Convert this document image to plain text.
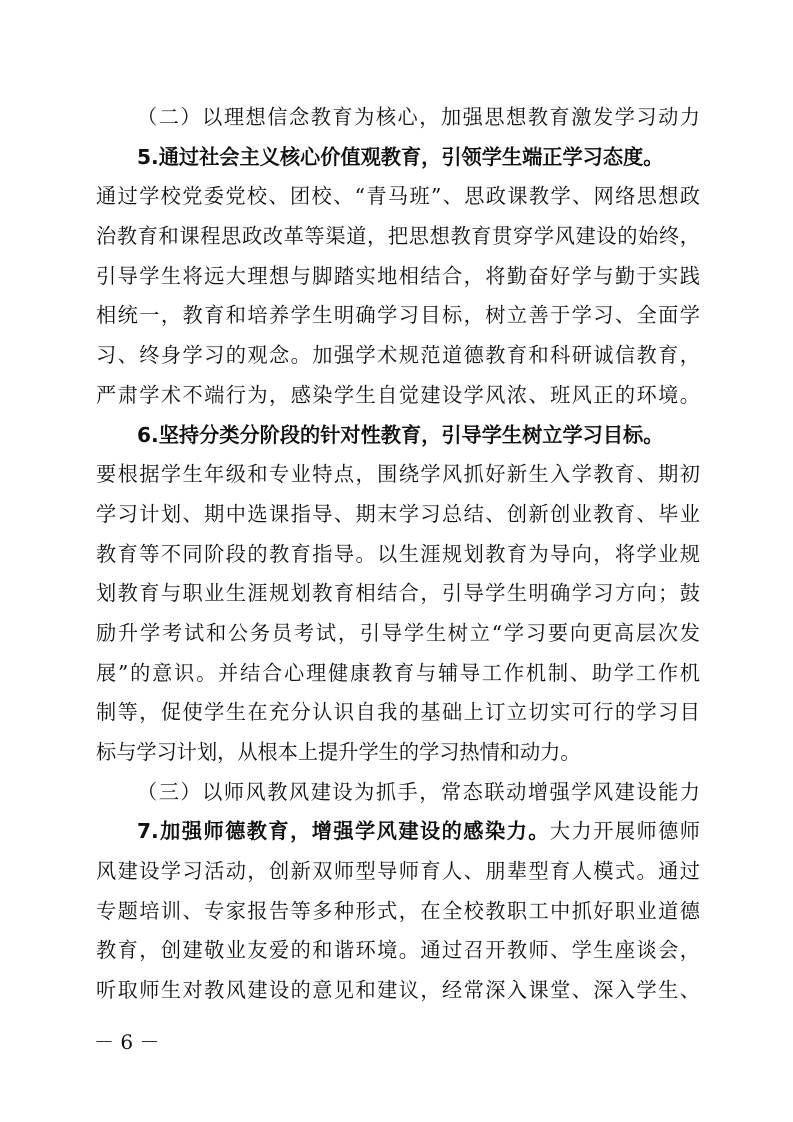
（二）以理想信念教育为核心，加强思想教育激发学习动力
5.通过社会主义核心价值观教育，引领学生端正学习态度。
通过学校党委党校、团校、“青马班”、思政课教学、网络思想政
治教育和课程思政改革等渠道，把思想教育贯穿学风建设的始终，
引导学生将远大理想与脚踏实地相结合，将勤奋好学与勤于实践
相统一，教育和培养学生明确学习目标，树立善于学习、全面学
习、终身学习的观念。加强学术规范道德教育和科研诚信教育，
严肃学术不端行为，感染学生自觉建设学风浓、班风正的环境。
6.坚持分类分阶段的针对性教育，引导学生树立学习目标。
要根据学生年级和专业特点，围绕学风抓好新生入学教育、期初
学习计划、期中选课指导、期末学习总结、创新创业教育、毕业
教育等不同阶段的教育指导。以生涯规划教育为导向，将学业规
划教育与职业生涯规划教育相结合，引导学生明确学习方向；鼓
励升学考试和公务员考试，引导学生树立“学习要向更高层次发
展”的意识。并结合心理健康教育与辅导工作机制、助学工作机
制等，促使学生在充分认识自我的基础上订立切实可行的学习目
标与学习计划，从根本上提升学生的学习热情和动力。
（三）以师风教风建设为抓手，常态联动增强学风建设能力
7.加强师德教育，增强学风建设的感染力。大力开展师德师
风建设学习活动，创新双师型导师育人、朋辈型育人模式。通过
专题培训、专家报告等多种形式，在全校教职工中抓好职业道德
教育，创建敬业友爱的和谐环境。通过召开教师、学生座谈会，
听取师生对教风建设的意见和建议，经常深入课堂、深入学生、
－ 6 －
